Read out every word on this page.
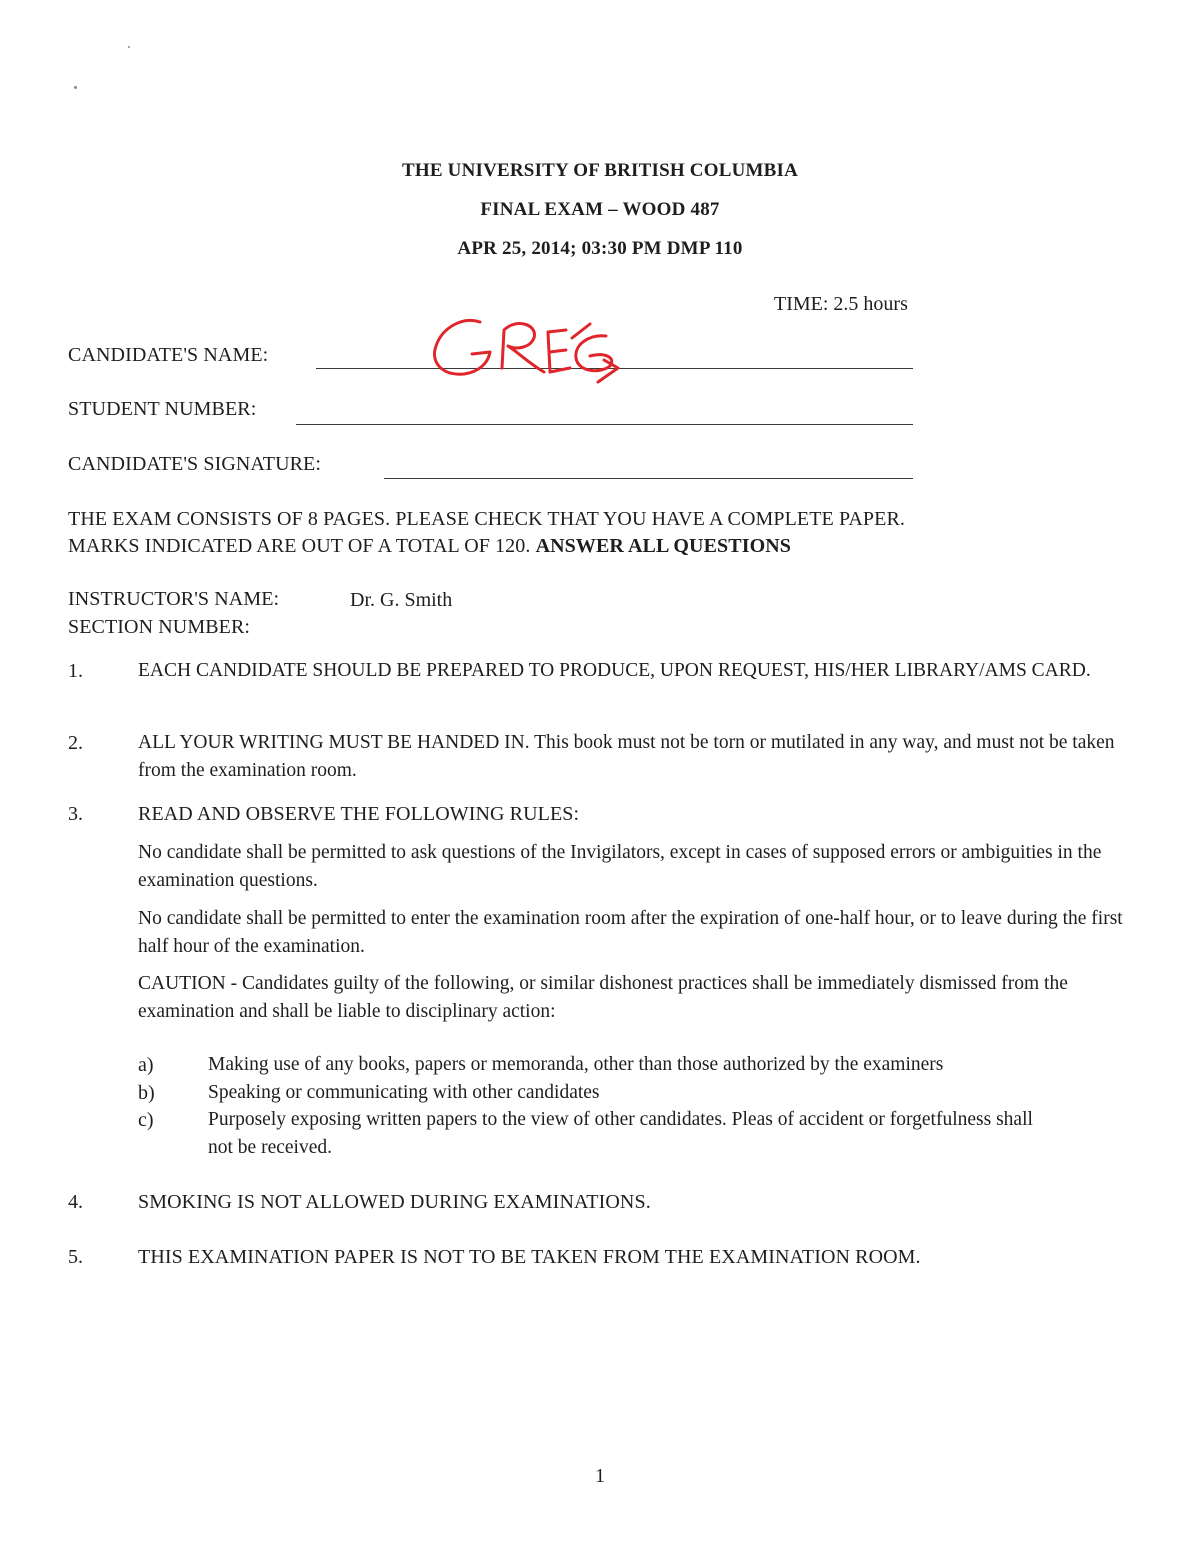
THE UNIVERSITY OF BRITISH COLUMBIA
FINAL EXAM – WOOD 487
APR 25, 2014; 03:30 PM DMP 110
TIME: 2.5 hours
CANDIDATE'S NAME:
STUDENT NUMBER:
CANDIDATE'S SIGNATURE:
THE EXAM CONSISTS OF 8 PAGES. PLEASE CHECK THAT YOU HAVE A COMPLETE PAPER.
MARKS INDICATED ARE OUT OF A TOTAL OF 120. ANSWER ALL QUESTIONS
INSTRUCTOR'S NAME:	Dr. G. Smith
SECTION NUMBER:
1.	EACH CANDIDATE SHOULD BE PREPARED TO PRODUCE, UPON REQUEST, HIS/HER LIBRARY/AMS CARD.
2.	ALL YOUR WRITING MUST BE HANDED IN. This book must not be torn or mutilated in any way, and must not be taken from the examination room.
3.	READ AND OBSERVE THE FOLLOWING RULES:
No candidate shall be permitted to ask questions of the Invigilators, except in cases of supposed errors or ambiguities in the examination questions.
No candidate shall be permitted to enter the examination room after the expiration of one-half hour, or to leave during the first half hour of the examination.
CAUTION - Candidates guilty of the following, or similar dishonest practices shall be immediately dismissed from the examination and shall be liable to disciplinary action:
a)	Making use of any books, papers or memoranda, other than those authorized by the examiners
b)	Speaking or communicating with other candidates
c)	Purposely exposing written papers to the view of other candidates. Pleas of accident or forgetfulness shall not be received.
4.	SMOKING IS NOT ALLOWED DURING EXAMINATIONS.
5.	THIS EXAMINATION PAPER IS NOT TO BE TAKEN FROM THE EXAMINATION ROOM.
1
